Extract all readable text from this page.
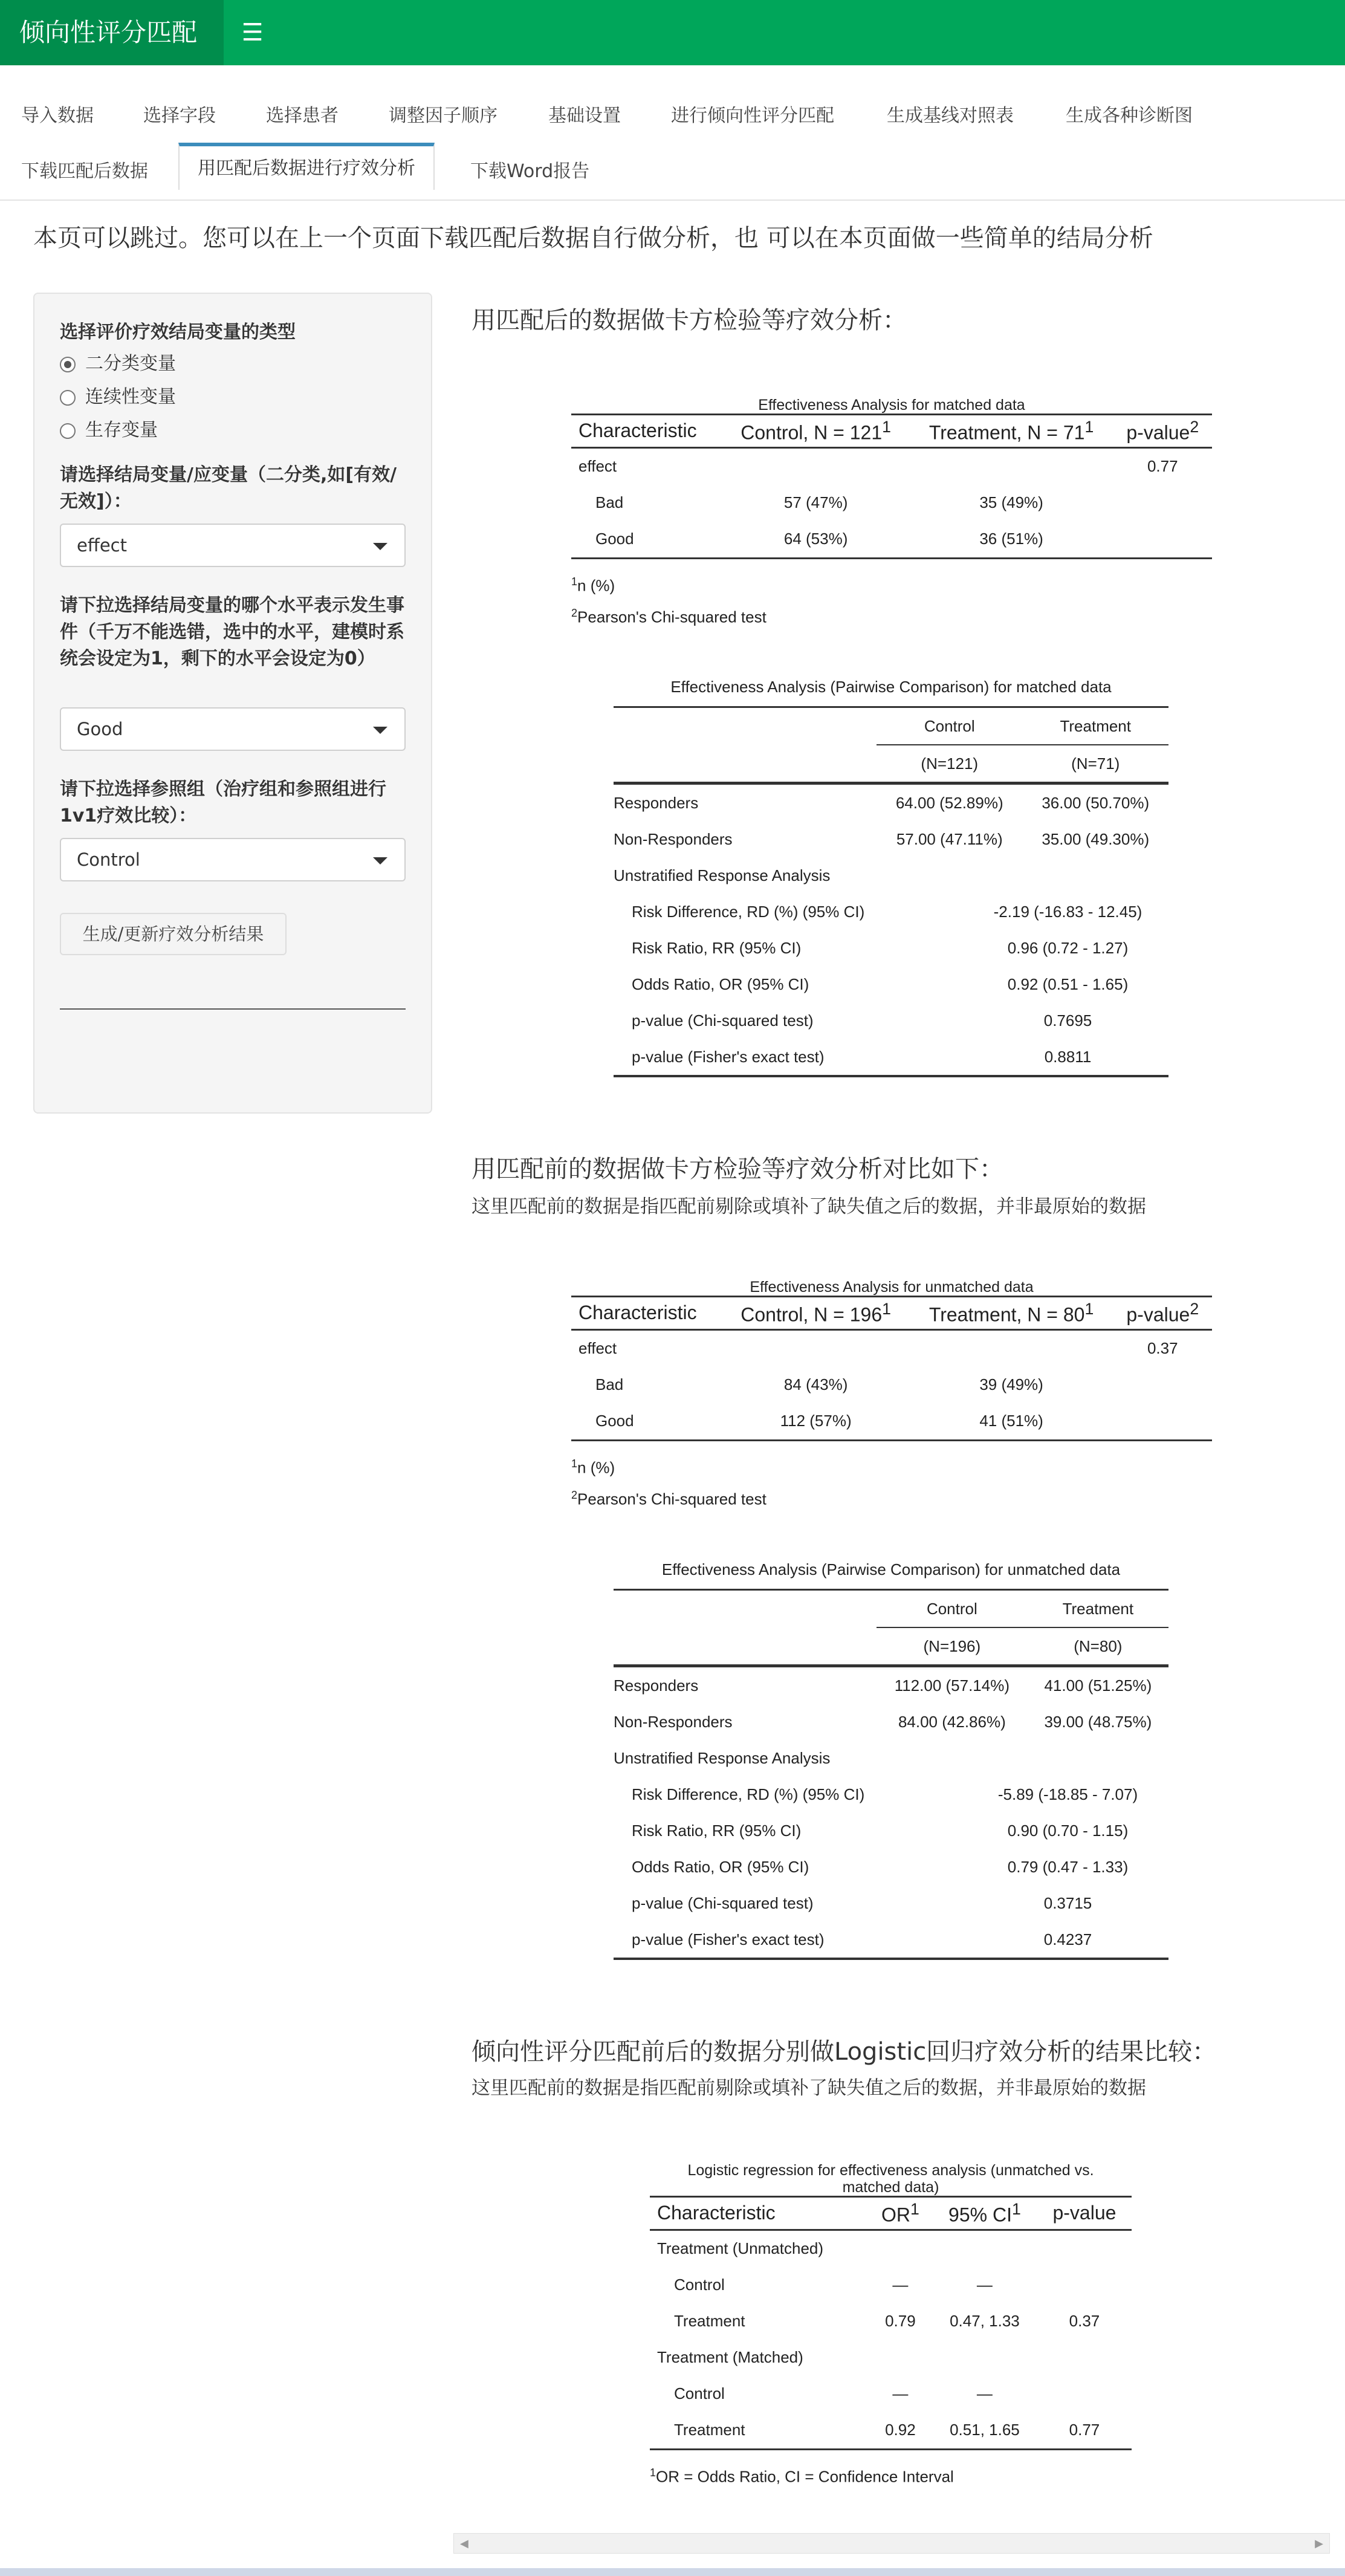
倾向性评分匹配	☰
导入数据	选择字段	选择患者	调整因子顺序	基础设置	进行倾向性评分匹配	生成基线对照表	生成各种诊断图
下载匹配后数据	用匹配后数据进行疗效分析	下载Word报告
本页可以跳过。您可以在上一个页面下载匹配后数据自行做分析，也 可以在本页面做一些简单的结局分析
选择评价疗效结局变量的类型
二分类变量
连续性变量
生存变量
请选择结局变量/应变量（二分类,如[有效/无效]）：
effect
请下拉选择结局变量的哪个水平表示发生事件（千万不能选错，选中的水平，建模时系统会设定为1，剩下的水平会设定为0）
Good
请下拉选择参照组（治疗组和参照组进行1v1疗效比较）：
Control
生成/更新疗效分析结果
用匹配后的数据做卡方检验等疗效分析：
Effectiveness Analysis for matched data
Characteristic	Control, $N = 121^1$	Treatment, $N = 71^1$	p-value$^2$
effect			0.77
Bad	57 (47%)	35 (49%)	
Good	64 (53%)	36 (51%)	
$^1$n (%)
$^2$Pearson's Chi-squared test
Effectiveness Analysis (Pairwise Comparison) for matched data
	Control	Treatment
	(N=121)	(N=71)
Responders	64.00 (52.89%)	36.00 (50.70%)
Non-Responders	57.00 (47.11%)	35.00 (49.30%)
Unstratified Response Analysis		
Risk Difference, RD (%) (95% CI)	-2.19 (-16.83 - 12.45)	
Risk Ratio, RR (95% CI)	0.96 (0.72 - 1.27)	
Odds Ratio, OR (95% CI)	0.92 (0.51 - 1.65)	
p-value (Chi-squared test)	0.7695	
p-value (Fisher's exact test)	0.8811	
用匹配前的数据做卡方检验等疗效分析对比如下：
这里匹配前的数据是指匹配前剔除或填补了缺失值之后的数据，并非最原始的数据
Effectiveness Analysis for unmatched data
Characteristic	Control, $N = 196^1$	Treatment, $N = 80^1$	p-value$^2$
effect			0.37
Bad	84 (43%)	39 (49%)	
Good	112 (57%)	41 (51%)	
$^1$n (%)
$^2$Pearson's Chi-squared test
Effectiveness Analysis (Pairwise Comparison) for unmatched data
	Control	Treatment
	(N=196)	(N=80)
Responders	112.00 (57.14%)	41.00 (51.25%)
Non-Responders	84.00 (42.86%)	39.00 (48.75%)
Unstratified Response Analysis		
Risk Difference, RD (%) (95% CI)	-5.89 (-18.85 - 7.07)	
Risk Ratio, RR (95% CI)	0.90 (0.70 - 1.15)	
Odds Ratio, OR (95% CI)	0.79 (0.47 - 1.33)	
p-value (Chi-squared test)	0.3715	
p-value (Fisher's exact test)	0.4237	
倾向性评分匹配前后的数据分别做Logistic回归疗效分析的结果比较：
这里匹配前的数据是指匹配前剔除或填补了缺失值之后的数据，并非最原始的数据
Logistic regression for effectiveness analysis (unmatched vs. matched data)
Characteristic	$OR^1$	95% $CI^1$	p-value
Treatment (Unmatched)			
Control	—	—	
Treatment	0.79	0.47, 1.33	0.37
Treatment (Matched)			
Control	—	—	
Treatment	0.92	0.51, 1.65	0.77
$^1$OR = Odds Ratio, CI = Confidence Interval
◀	▶
